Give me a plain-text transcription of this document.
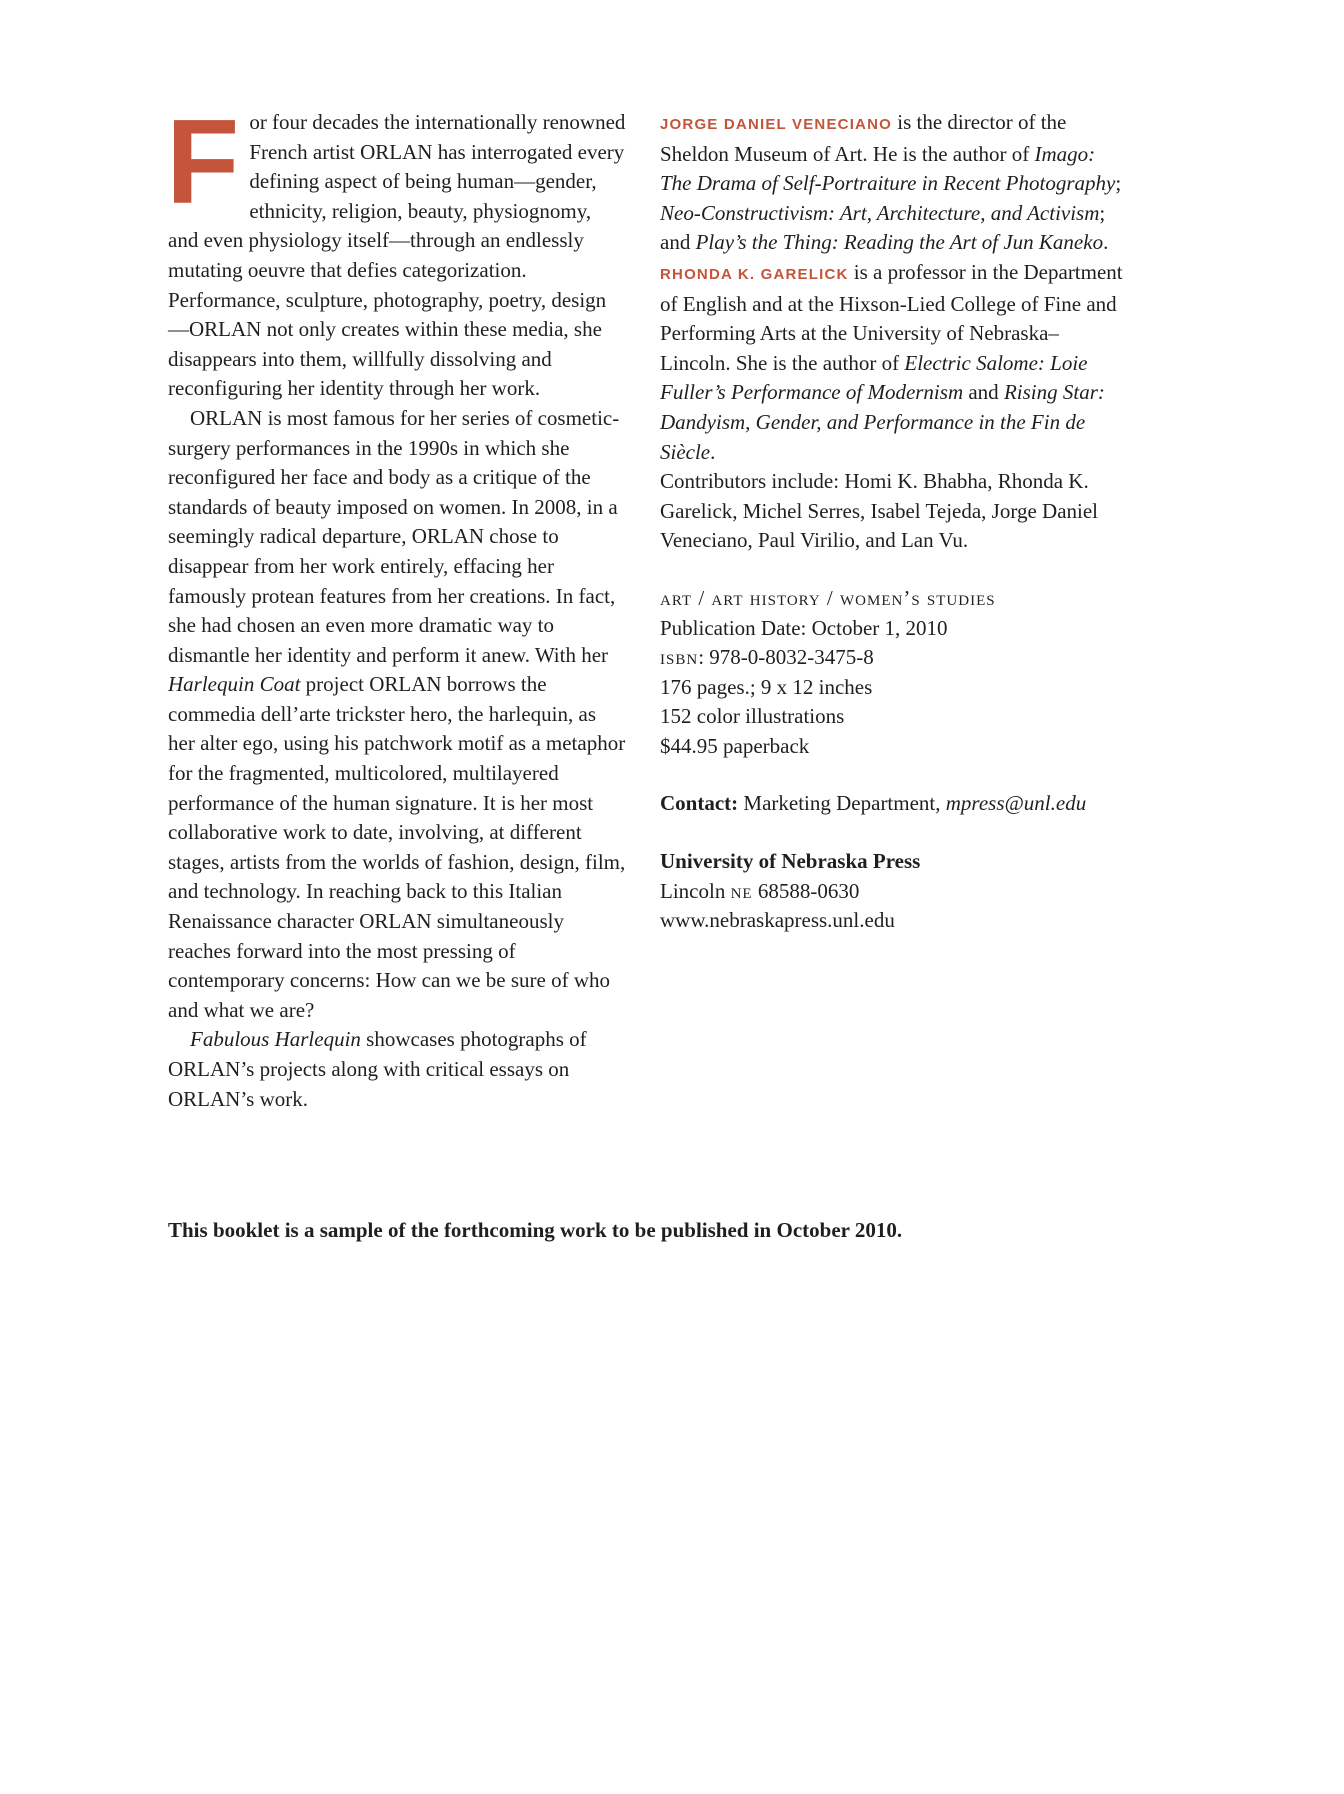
For four decades the internationally renowned French artist ORLAN has interrogated every defining aspect of being human—gender, ethnicity, religion, beauty, physiognomy, and even physiology itself—through an endlessly mutating oeuvre that defies categorization. Performance, sculpture, photography, poetry, design—ORLAN not only creates within these media, she disappears into them, willfully dissolving and reconfiguring her identity through her work.

ORLAN is most famous for her series of cosmetic-surgery performances in the 1990s in which she reconfigured her face and body as a critique of the standards of beauty imposed on women. In 2008, in a seemingly radical departure, ORLAN chose to disappear from her work entirely, effacing her famously protean features from her creations. In fact, she had chosen an even more dramatic way to dismantle her identity and perform it anew. With her Harlequin Coat project ORLAN borrows the commedia dell’arte trickster hero, the harlequin, as her alter ego, using his patchwork motif as a metaphor for the fragmented, multicolored, multilayered performance of the human signature. It is her most collaborative work to date, involving, at different stages, artists from the worlds of fashion, design, film, and technology. In reaching back to this Italian Renaissance character ORLAN simultaneously reaches forward into the most pressing of contemporary concerns: How can we be sure of who and what we are?

Fabulous Harlequin showcases photographs of ORLAN’s projects along with critical essays on ORLAN’s work.

JORGE DANIEL VENECIANO is the director of the Sheldon Museum of Art. He is the author of Imago: The Drama of Self-Portraiture in Recent Photography; Neo-Constructivism: Art, Architecture, and Activism; and Play’s the Thing: Reading the Art of Jun Kaneko. RHONDA K. GARELICK is a professor in the Department of English and at the Hixson-Lied College of Fine and Performing Arts at the University of Nebraska–Lincoln. She is the author of Electric Salome: Loie Fuller’s Performance of Modernism and Rising Star: Dandyism, Gender, and Performance in the Fin de Siècle.

Contributors include: Homi K. Bhabha, Rhonda K. Garelick, Michel Serres, Isabel Tejeda, Jorge Daniel Veneciano, Paul Virilio, and Lan Vu.

art / art history / women’s studies
Publication Date: October 1, 2010
isbn: 978-0-8032-3475-8
176 pages.; 9 x 12 inches
152 color illustrations
$44.95 paperback
Contact: Marketing Department, mpress@unl.edu
University of Nebraska Press
Lincoln ne 68588-0630
www.nebraskapress.unl.edu
This booklet is a sample of the forthcoming work to be published in October 2010.
